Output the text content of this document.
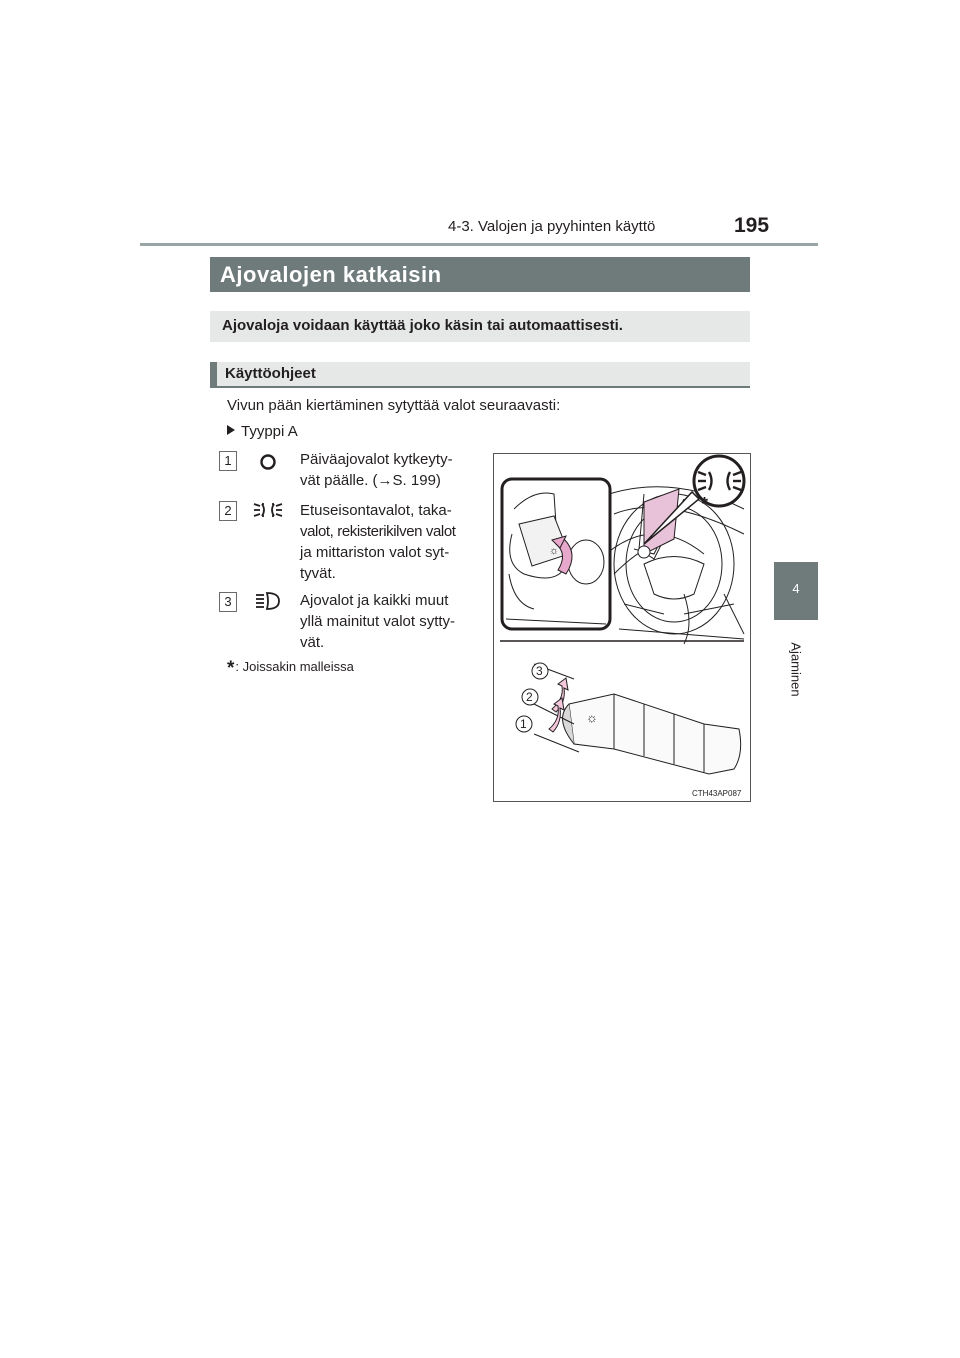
4-3. Valojen ja pyyhinten käyttö	195
4
Ajaminen
Ajovalojen katkaisin
Ajovaloja voidaan käyttää joko käsin tai automaattisesti.
Käyttöohjeet
Vivun pään kiertäminen sytyttää valot seuraavasti:
Tyyppi A
1	Päiväajovalot kytkeyty-
vät päälle. (→S. 199)
2	Etuseisontavalot, taka-
valot, rekisterikilven valot
ja mittariston valot syt-
tyvät.
3	Ajovalot ja kaikki muut
yllä mainitut valot sytty-
vät.
*: Joissakin malleissa
☼
*
☼
3
2
1
CTH43AP087
